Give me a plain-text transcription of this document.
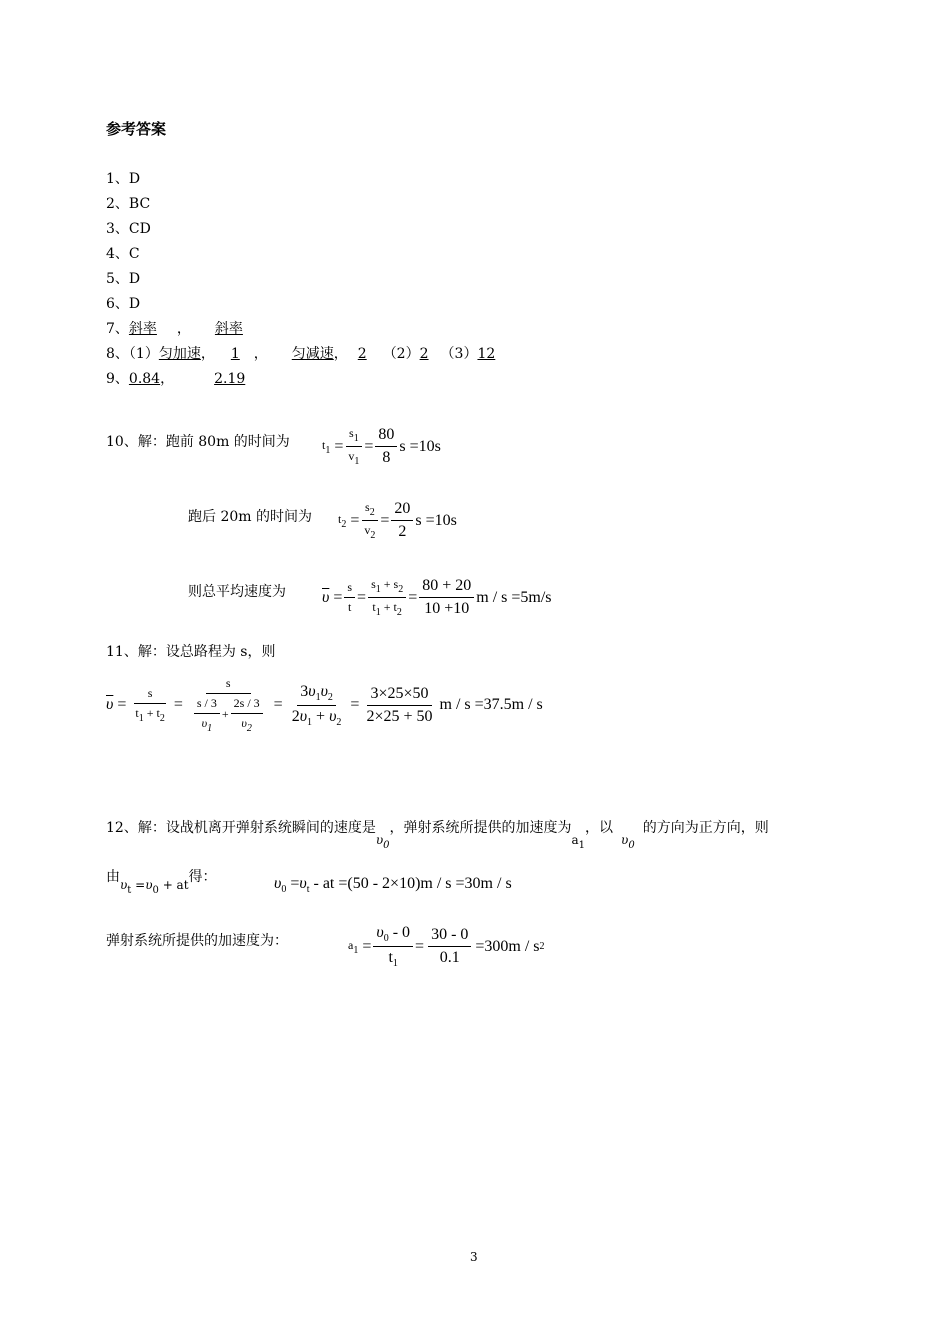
参考答案
1、D
2、BC
3、CD
4、C
5、D
6、D
7、斜率 ， 斜率
8、（1）匀加速， 1 ， 匀减速， 2 （2）2 （3）12
9、0.84，	2.19
10、解：跑前 80m 的时间为	$t_1$ =
$s_1$
$v_1$
=
80
8
s =10s
跑后 20m 的时间为 $t_2$ =
$s_2$
$v_2$
=
20
2
s =10s
则总平均速度为 $\overline{\upsilon}$ =
s
t
=
$s_1 + s_2$
$t_1 + t_2$
=
80 + 20
10 +10
m / s =5m/s
11、解：设总路程为 s，则
$\overline{\upsilon}$ =
s
$t_1 + t_2$
=
s
$\frac{s / 3}{\upsilon_1} + \frac{2s / 3}{\upsilon_2}$ =
$3\upsilon_1\upsilon_2$
$2\upsilon_1 + \upsilon_2$
=
3×25×50
2×25 + 50
m / s =37.5m / s
12、解：设战机离开弹射系统瞬间的速度是$\upsilon_0$，弹射系统所提供的加速度为$a_1$，以$\upsilon_0$的方向为正方向，则
由$\upsilon_t =\upsilon_0$ + at得：	$\upsilon_0 =\upsilon_t$ - at =(50 - 2×10)m / s =30m / s
弹射系统所提供的加速度为：	$a_1$ =
$\upsilon_0 - 0$
$t_1$
=
30 - 0
0.1
=300m / s 2
3
